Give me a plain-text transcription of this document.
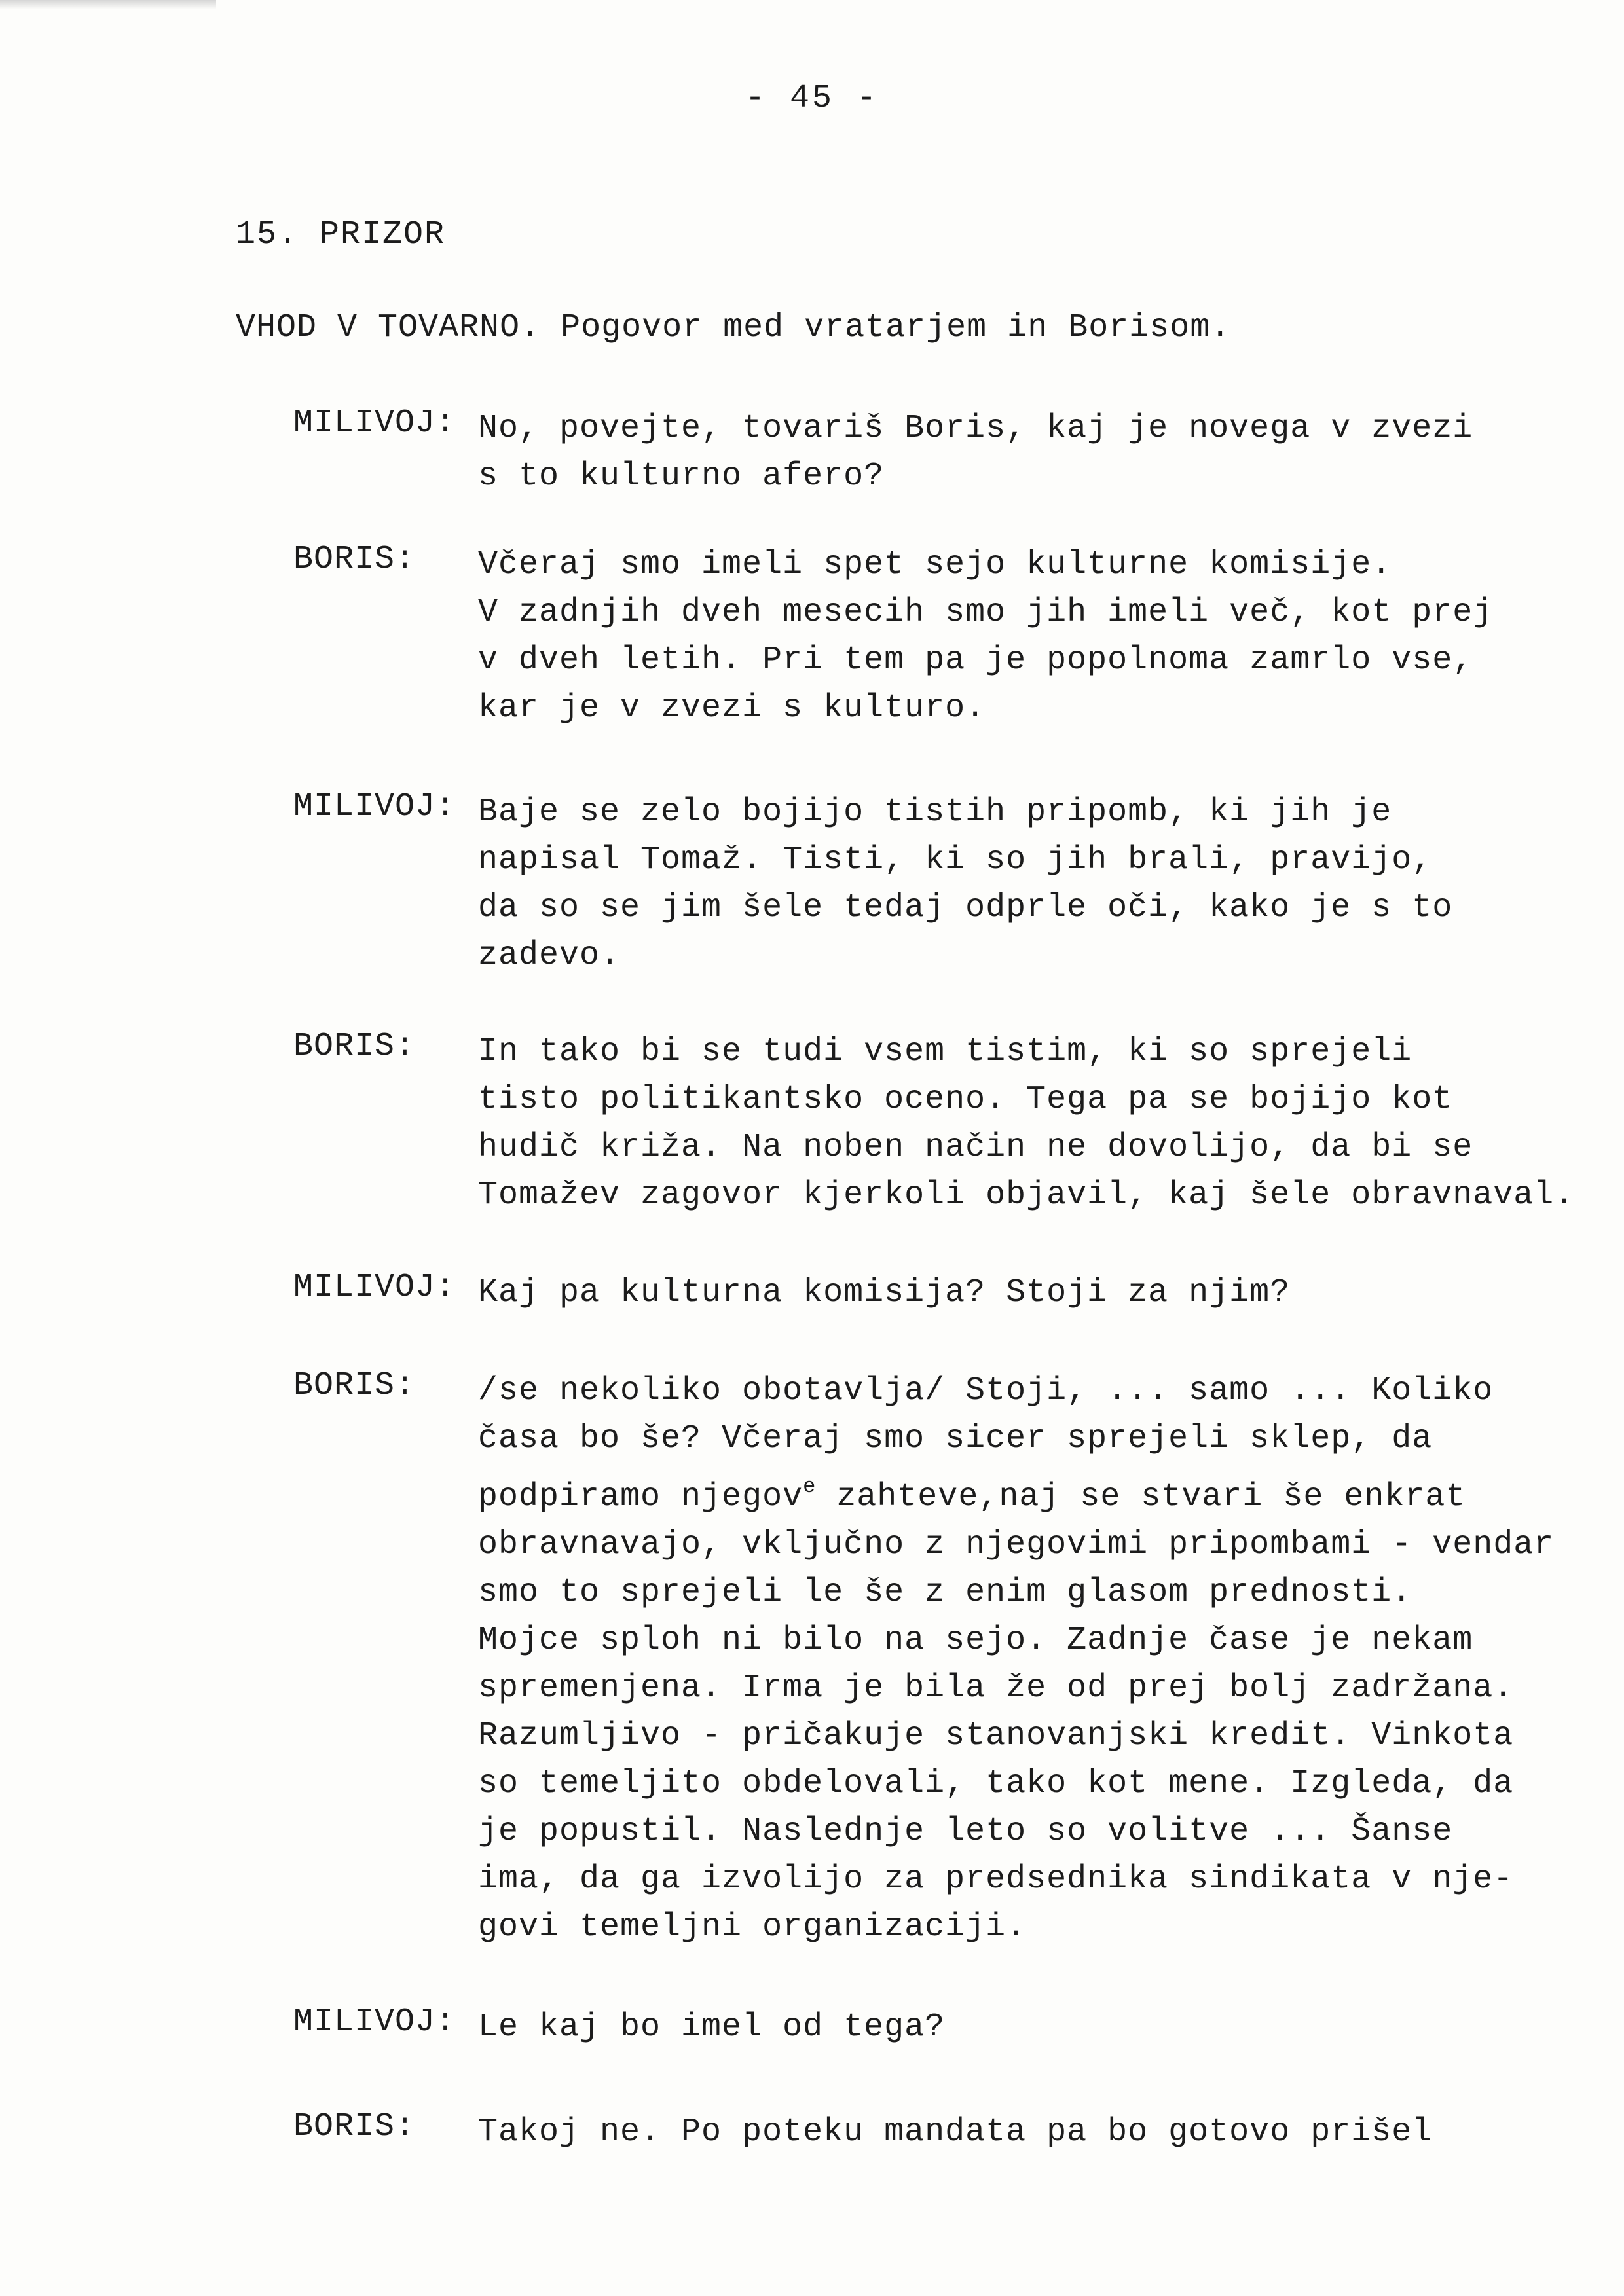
- 45 -
15. PRIZOR
VHOD V TOVARNO. Pogovor med vratarjem in Borisom.
MILIVOJ: No, povejte, tovariš Boris, kaj je novega v zvezi
s to kulturno afero?
BORIS: Včeraj smo imeli spet sejo kulturne komisije.
V zadnjih dveh mesecih smo jih imeli več, kot prej
v dveh letih. Pri tem pa je popolnoma zamrlo vse,
kar je v zvezi s kulturo.
MILIVOJ: Baje se zelo bojijo tistih pripomb, ki jih je
napisal Tomaž. Tisti, ki so jih brali, pravijo,
da so se jim šele tedaj odprle oči, kako je s to
zadevo.
BORIS: In tako bi se tudi vsem tistim, ki so sprejeli
tisto politikantsko oceno. Tega pa se bojijo kot
hudič križa. Na noben način ne dovolijo, da bi se
Tomažev zagovor kjerkoli objavil, kaj šele obravnaval.
MILIVOJ: Kaj pa kulturna komisija? Stoji za njim?
BORIS: /se nekoliko obotavlja/ Stoji, ... samo ... Koliko
časa bo še? Včeraj smo sicer sprejeli sklep, da
podpiramo njegov$^e$ zahteve,naj se stvari še enkrat
obravnavajo, vključno z njegovimi pripombami - vendar
smo to sprejeli le še z enim glasom prednosti.
Mojce sploh ni bilo na sejo. Zadnje čase je nekam
spremenjena. Irma je bila že od prej bolj zadržana.
Razumljivo - pričakuje stanovanjski kredit. Vinkota
so temeljito obdelovali, tako kot mene. Izgleda, da
je popustil. Naslednje leto so volitve ... Šanse
ima, da ga izvolijo za predsednika sindikata v nje-
govi temeljni organizaciji.
MILIVOJ: Le kaj bo imel od tega?
BORIS: Takoj ne. Po poteku mandata pa bo gotovo prišel
